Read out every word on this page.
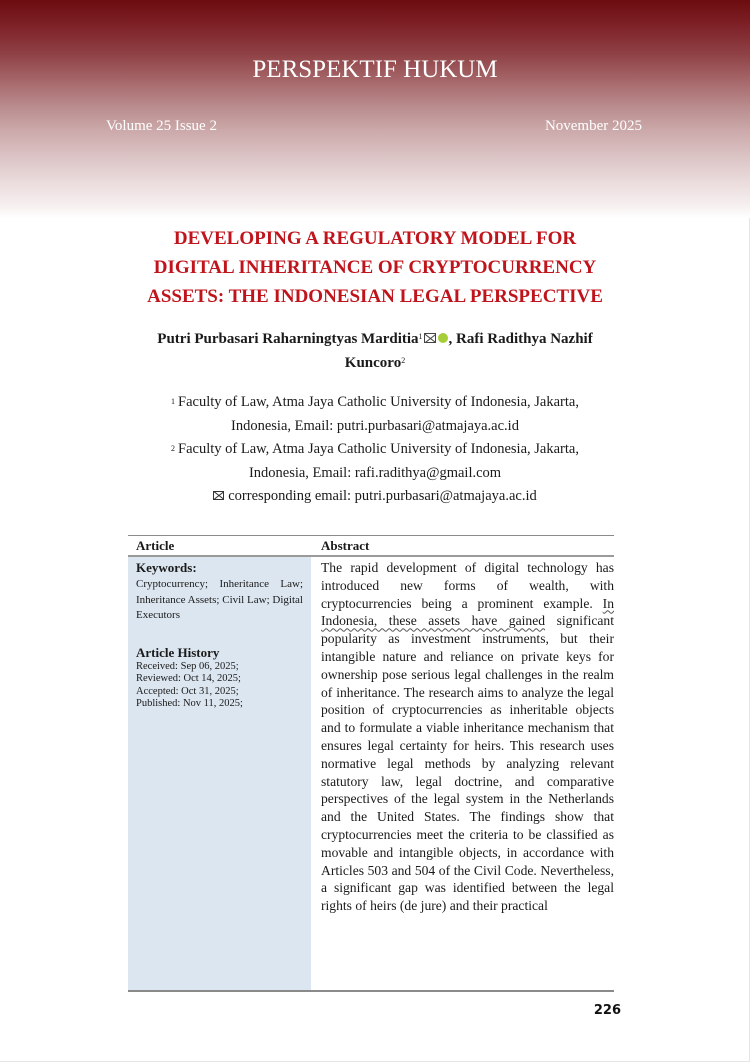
PERSPEKTIF HUKUM
Volume 25 Issue 2	November 2025
DEVELOPING A REGULATORY MODEL FOR
DIGITAL INHERITANCE OF CRYPTOCURRENCY
ASSETS: THE INDONESIAN LEGAL PERSPECTIVE
Putri Purbasari Raharningtyas Marditia$^1$ , Rafi Radithya Nazhif
Kuncoro$^2$
$^1$ Faculty of Law, Atma Jaya Catholic University of Indonesia, Jakarta,
Indonesia, Email: putri.purbasari@atmajaya.ac.id
$^2$ Faculty of Law, Atma Jaya Catholic University of Indonesia, Jakarta,
Indonesia, Email: rafi.radithya@gmail.com
corresponding email: putri.purbasari@atmajaya.ac.id
Article	Abstract
Keywords:
Cryptocurrency; Inheritance Law; Inheritance Assets; Civil Law; Digital Executors
Article History
Received: Sep 06, 2025;
Reviewed: Oct 14, 2025;
Accepted: Oct 31, 2025;
Published: Nov 11, 2025;

The rapid development of digital technology has introduced new forms of wealth, with cryptocurrencies being a prominent example. In Indonesia, these assets have gained significant popularity as investment instruments, but their intangible nature and reliance on private keys for ownership pose serious legal challenges in the realm of inheritance. The research aims to analyze the legal position of cryptocurrencies as inheritable objects and to formulate a viable inheritance mechanism that ensures legal certainty for heirs. This research uses normative legal methods by analyzing relevant statutory law, legal doctrine, and comparative perspectives of the legal system in the Netherlands and the United States. The findings show that cryptocurrencies meet the criteria to be classified as movable and intangible objects, in accordance with Articles 503 and 504 of the Civil Code. Nevertheless, a significant gap was identified between the legal rights of heirs (de jure) and their practical

226
